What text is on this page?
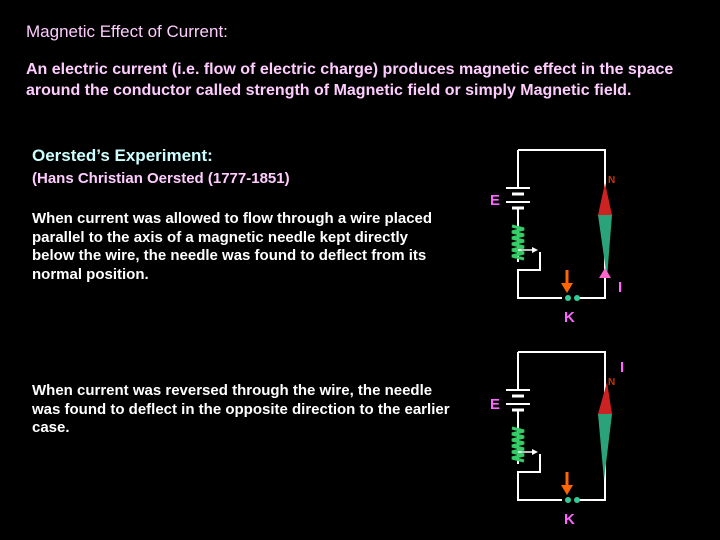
Magnetic Effect of Current:

An electric current (i.e. flow of electric charge) produces magnetic effect in the space around the conductor called strength of Magnetic field or simply Magnetic field.

Oersted’s Experiment:

(Hans Christian Oersted (1777-1851)

When current was allowed to flow through a wire placed parallel to the axis of a magnetic needle kept directly below the wire, the needle was found to deflect from its normal position.

When current was reversed through the wire, the needle was found to deflect in the opposite direction to the earlier case.

E
K
N
I
E
K
N
I
